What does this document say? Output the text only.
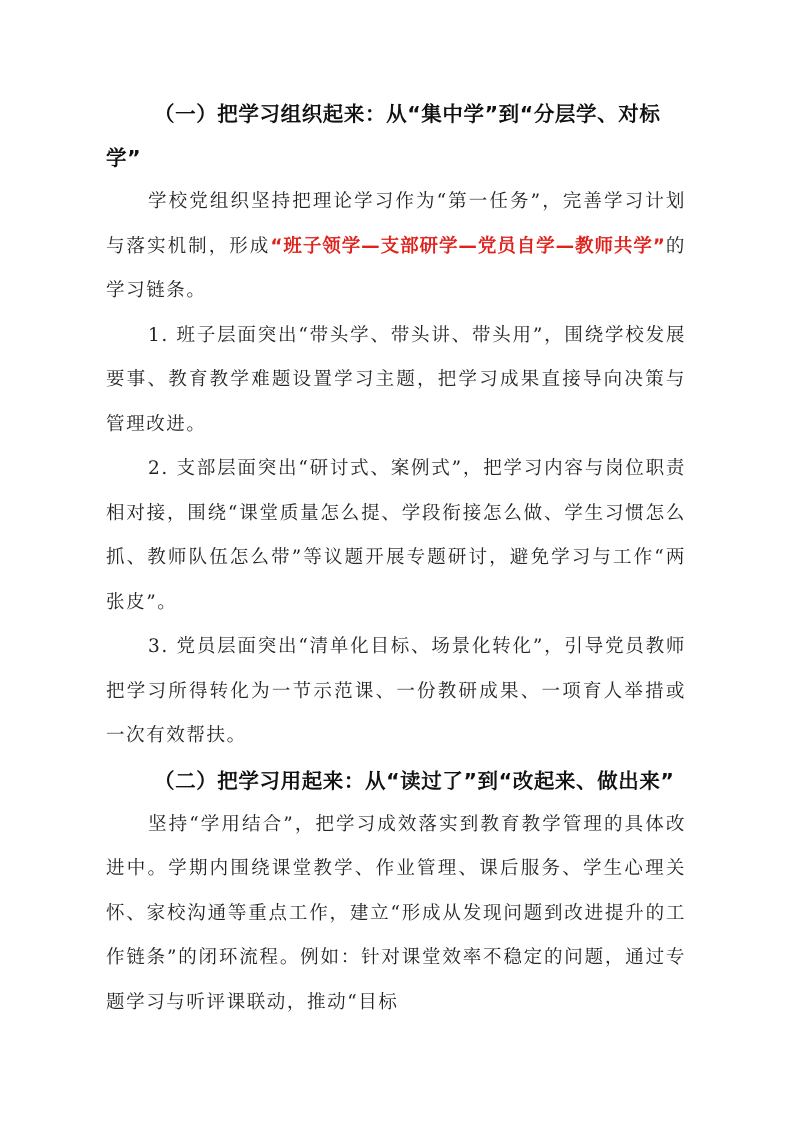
（一）把学习组织起来：从“集中学”到“分层学、对标学”

学校党组织坚持把理论学习作为“第一任务”，完善学习计划与落实机制，形成“班子领学—支部研学—党员自学—教师共学”的学习链条。

1. 班子层面突出“带头学、带头讲、带头用”，围绕学校发展要事、教育教学难题设置学习主题，把学习成果直接导向决策与管理改进。

2. 支部层面突出“研讨式、案例式”，把学习内容与岗位职责相对接，围绕“课堂质量怎么提、学段衔接怎么做、学生习惯怎么抓、教师队伍怎么带”等议题开展专题研讨，避免学习与工作“两张皮”。

3. 党员层面突出“清单化目标、场景化转化”，引导党员教师把学习所得转化为一节示范课、一份教研成果、一项育人举措或一次有效帮扶。

（二）把学习用起来：从“读过了”到“改起来、做出来”

坚持“学用结合”，把学习成效落实到教育教学管理的具体改进中。学期内围绕课堂教学、作业管理、课后服务、学生心理关怀、家校沟通等重点工作，建立“形成从发现问题到改进提升的工作链条”的闭环流程。例如：针对课堂效率不稳定的问题，通过专题学习与听评课联动，推动“目标
